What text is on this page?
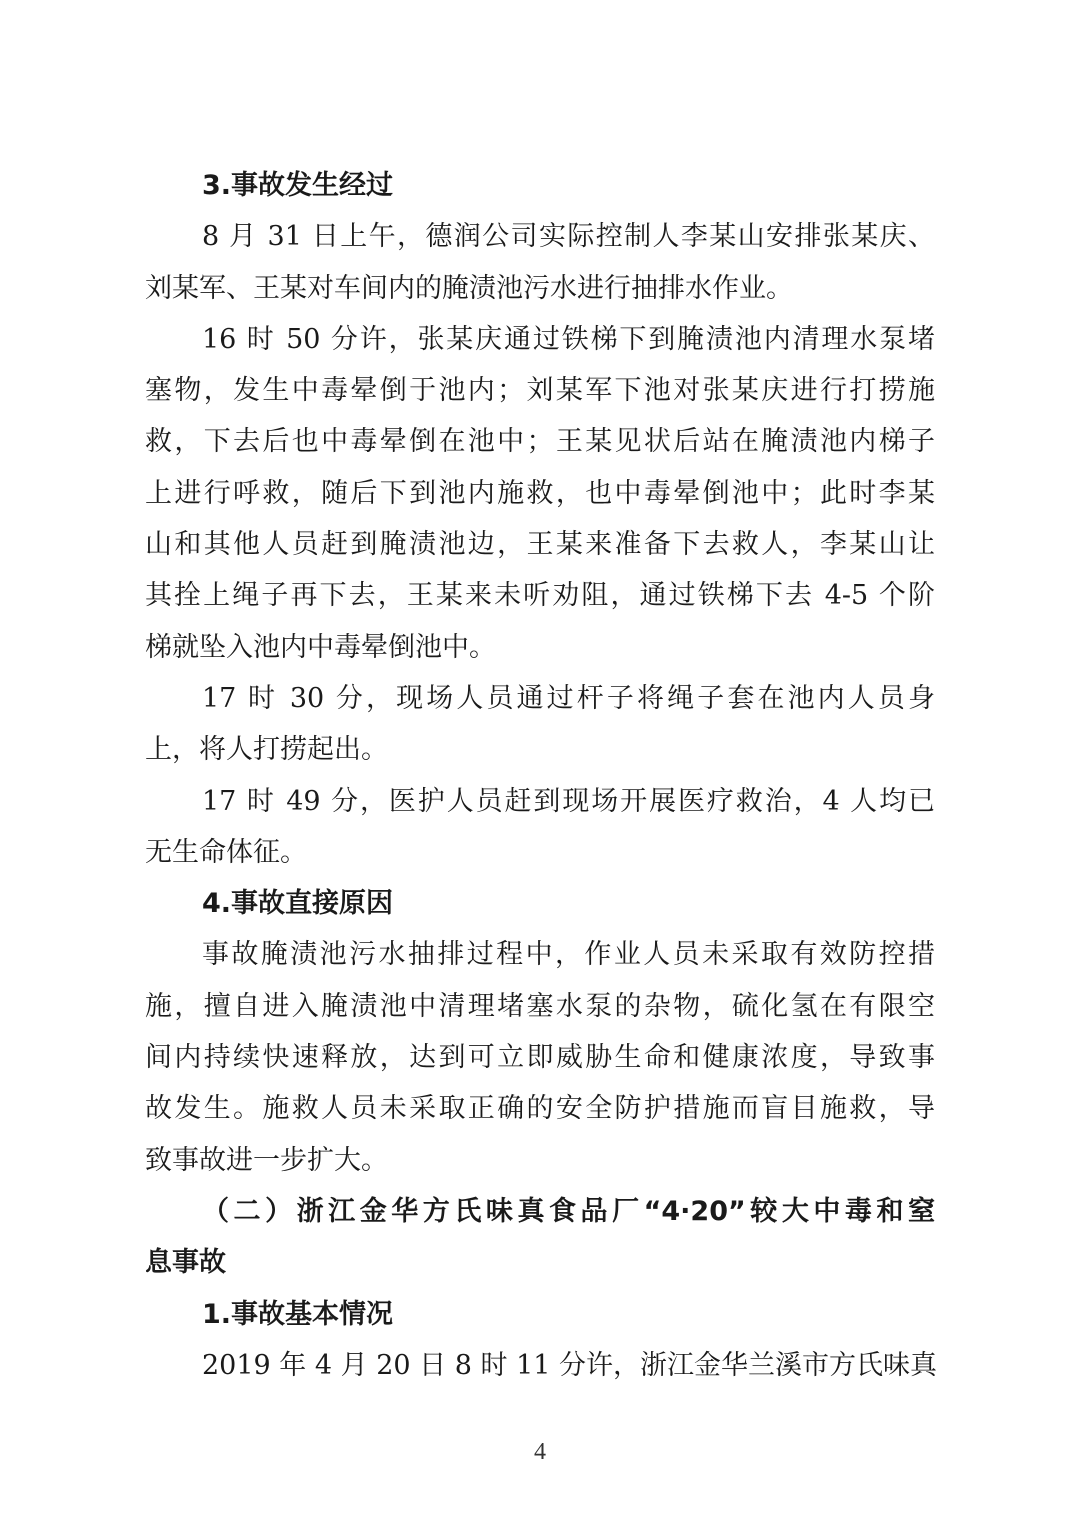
3.事故发生经过
8 月 31 日上午，德润公司实际控制人李某山安排张某庆、
刘某军、王某对车间内的腌渍池污水进行抽排水作业。
16 时 50 分许，张某庆通过铁梯下到腌渍池内清理水泵堵
塞物，发生中毒晕倒于池内；刘某军下池对张某庆进行打捞施
救，下去后也中毒晕倒在池中；王某见状后站在腌渍池内梯子
上进行呼救，随后下到池内施救，也中毒晕倒池中；此时李某
山和其他人员赶到腌渍池边，王某来准备下去救人，李某山让
其拴上绳子再下去，王某来未听劝阻，通过铁梯下去 4-5 个阶
梯就坠入池内中毒晕倒池中。
17 时 30 分，现场人员通过杆子将绳子套在池内人员身
上，将人打捞起出。
17 时 49 分，医护人员赶到现场开展医疗救治，4 人均已
无生命体征。
4.事故直接原因
事故腌渍池污水抽排过程中，作业人员未采取有效防控措
施，擅自进入腌渍池中清理堵塞水泵的杂物，硫化氢在有限空
间内持续快速释放，达到可立即威胁生命和健康浓度，导致事
故发生。施救人员未采取正确的安全防护措施而盲目施救，导
致事故进一步扩大。
（二）浙江金华方氏味真食品厂“4·20”较大中毒和窒
息事故
1.事故基本情况
2019 年 4 月 20 日 8 时 11 分许，浙江金华兰溪市方氏味真
4
